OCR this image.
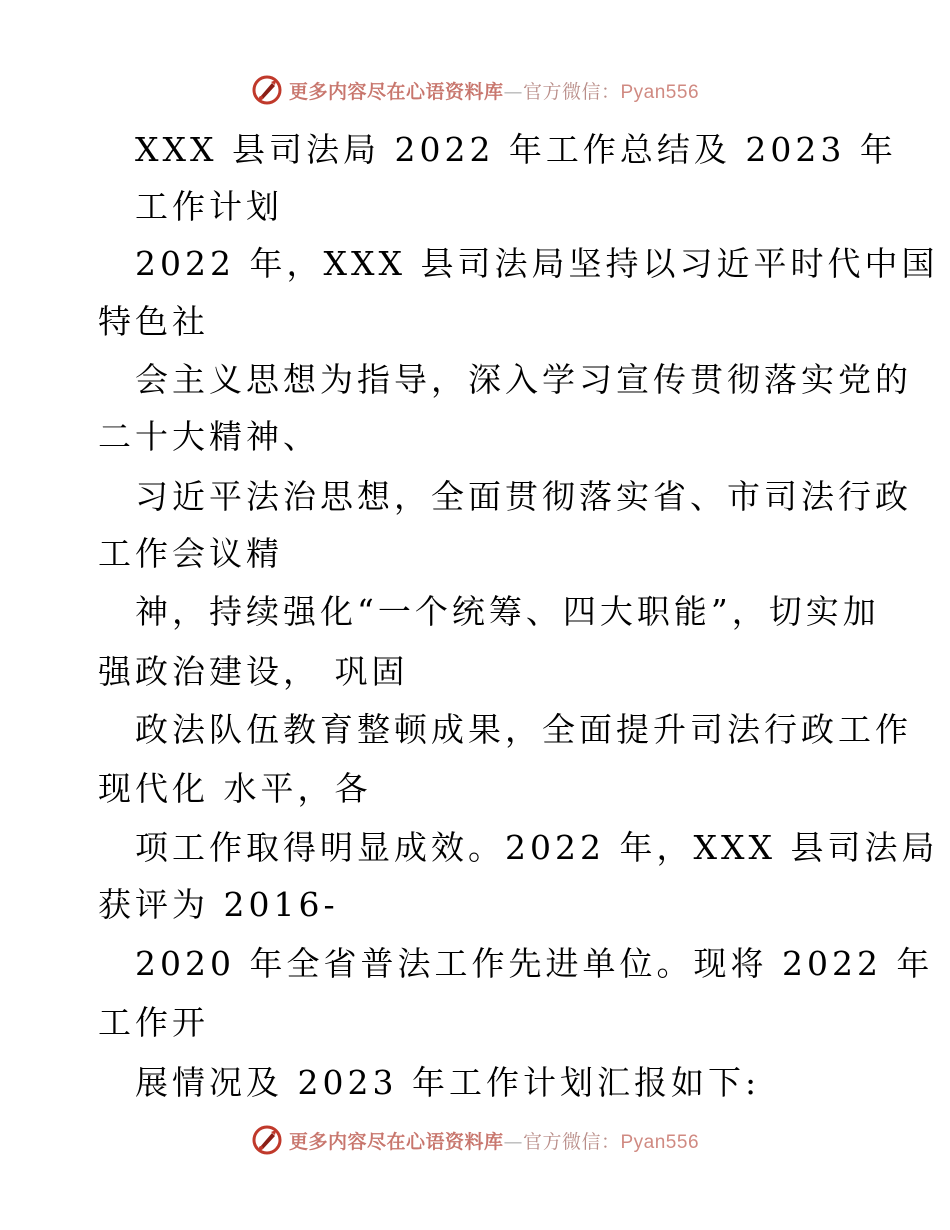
更多内容尽在心语资料库—官方微信：Pyan556
XXX 县司法局 2022 年工作总结及 2023 年
工作计划
2022 年，XXX 县司法局坚持以习近平时代中国
特色社
会主义思想为指导，深入学习宣传贯彻落实党的
二十大精神、
习近平法治思想，全面贯彻落实省、市司法行政
工作会议精
神，持续强化“一个统筹、四大职能”，切实加
强政治建设， 巩固
政法队伍教育整顿成果，全面提升司法行政工作
现代化 水平，各
项工作取得明显成效。2022 年，XXX 县司法局
获评为 2016-
2020 年全省普法工作先进单位。现将 2022 年
工作开
展情况及 2023 年工作计划汇报如下:
更多内容尽在心语资料库—官方微信：Pyan556
